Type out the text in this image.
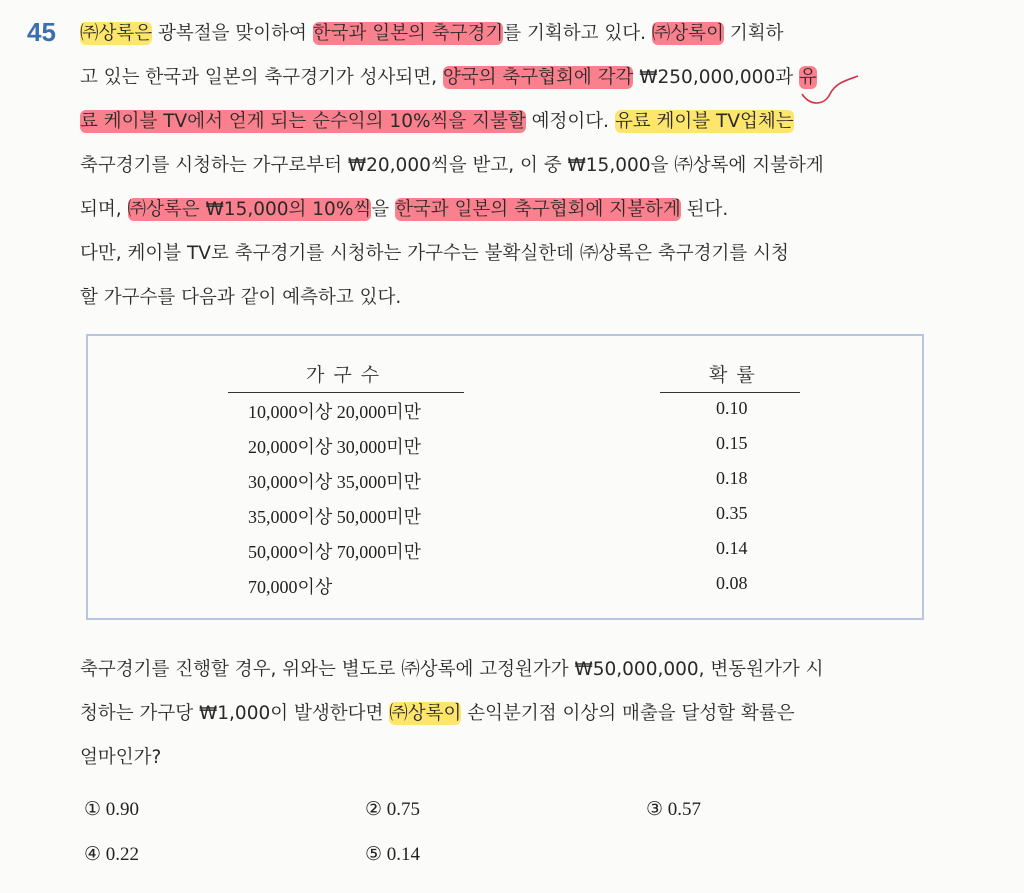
45 ㈜상록은 광복절을 맞이하여 한국과 일본의 축구경기를 기획하고 있다. ㈜상록이 기획하
고 있는 한국과 일본의 축구경기가 성사되면, 양국의 축구협회에 각각 ₩250,000,000과 유
료 케이블 TV에서 얻게 되는 순수익의 10%씩을 지불할 예정이다. 유료 케이블 TV업체는
축구경기를 시청하는 가구로부터 ₩20,000씩을 받고, 이 중 ₩15,000을 ㈜상록에 지불하게
되며, ㈜상록은 ₩15,000의 10%씩을 한국과 일본의 축구협회에 지불하게 된다.
다만, 케이블 TV로 축구경기를 시청하는 가구수는 불확실한데 ㈜상록은 축구경기를 시청
할 가구수를 다음과 같이 예측하고 있다.
가구수	확률
10,000이상 20,000미만	0.10
20,000이상 30,000미만	0.15
30,000이상 35,000미만	0.18
35,000이상 50,000미만	0.35
50,000이상 70,000미만	0.14
70,000이상	0.08
축구경기를 진행할 경우, 위와는 별도로 ㈜상록에 고정원가가 ₩50,000,000, 변동원가가 시
청하는 가구당 ₩1,000이 발생한다면 ㈜상록이 손익분기점 이상의 매출을 달성할 확률은
얼마인가?
① 0.90	② 0.75	③ 0.57
④ 0.22	⑤ 0.14
